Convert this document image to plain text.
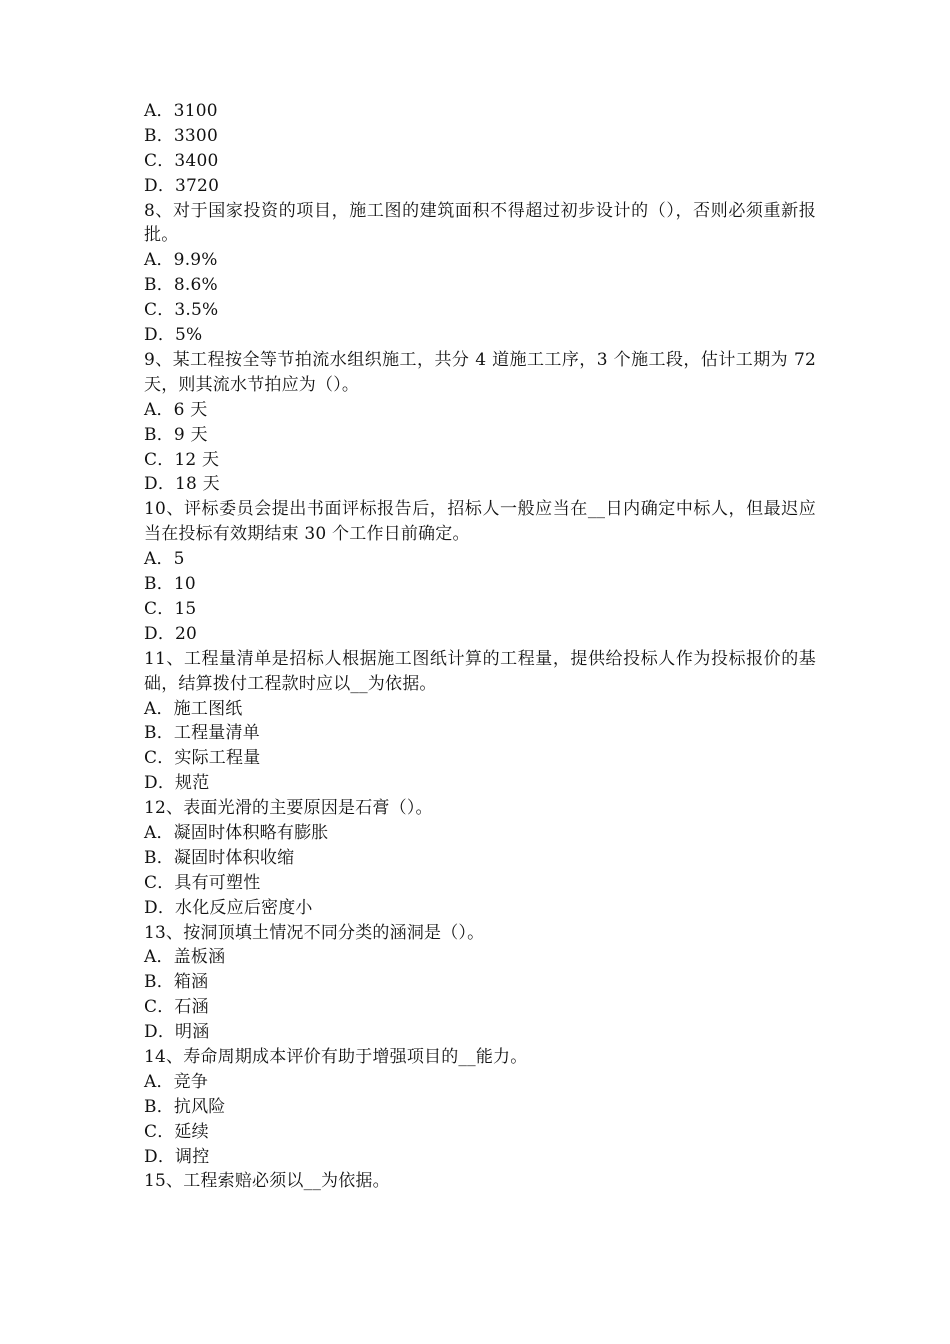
A．3100
B．3300
C．3400
D．3720
8、对于国家投资的项目，施工图的建筑面积不得超过初步设计的（），否则必须重新报批。
A．9.9%
B．8.6%
C．3.5%
D．5%
9、某工程按全等节拍流水组织施工，共分 4 道施工工序，3 个施工段，估计工期为 72 天，则其流水节拍应为（）。
A．6 天
B．9 天
C．12 天
D．18 天
10、评标委员会提出书面评标报告后，招标人一般应当在__日内确定中标人，但最迟应当在投标有效期结束 30 个工作日前确定。
A．5
B．10
C．15
D．20
11、工程量清单是招标人根据施工图纸计算的工程量，提供给投标人作为投标报价的基础，结算拨付工程款时应以__为依据。
A．施工图纸
B．工程量清单
C．实际工程量
D．规范
12、表面光滑的主要原因是石膏（）。
A．凝固时体积略有膨胀
B．凝固时体积收缩
C．具有可塑性
D．水化反应后密度小
13、按洞顶填土情况不同分类的涵洞是（）。
A．盖板涵
B．箱涵
C．石涵
D．明涵
14、寿命周期成本评价有助于增强项目的__能力。
A．竞争
B．抗风险
C．延续
D．调控
15、工程索赔必须以__为依据。
